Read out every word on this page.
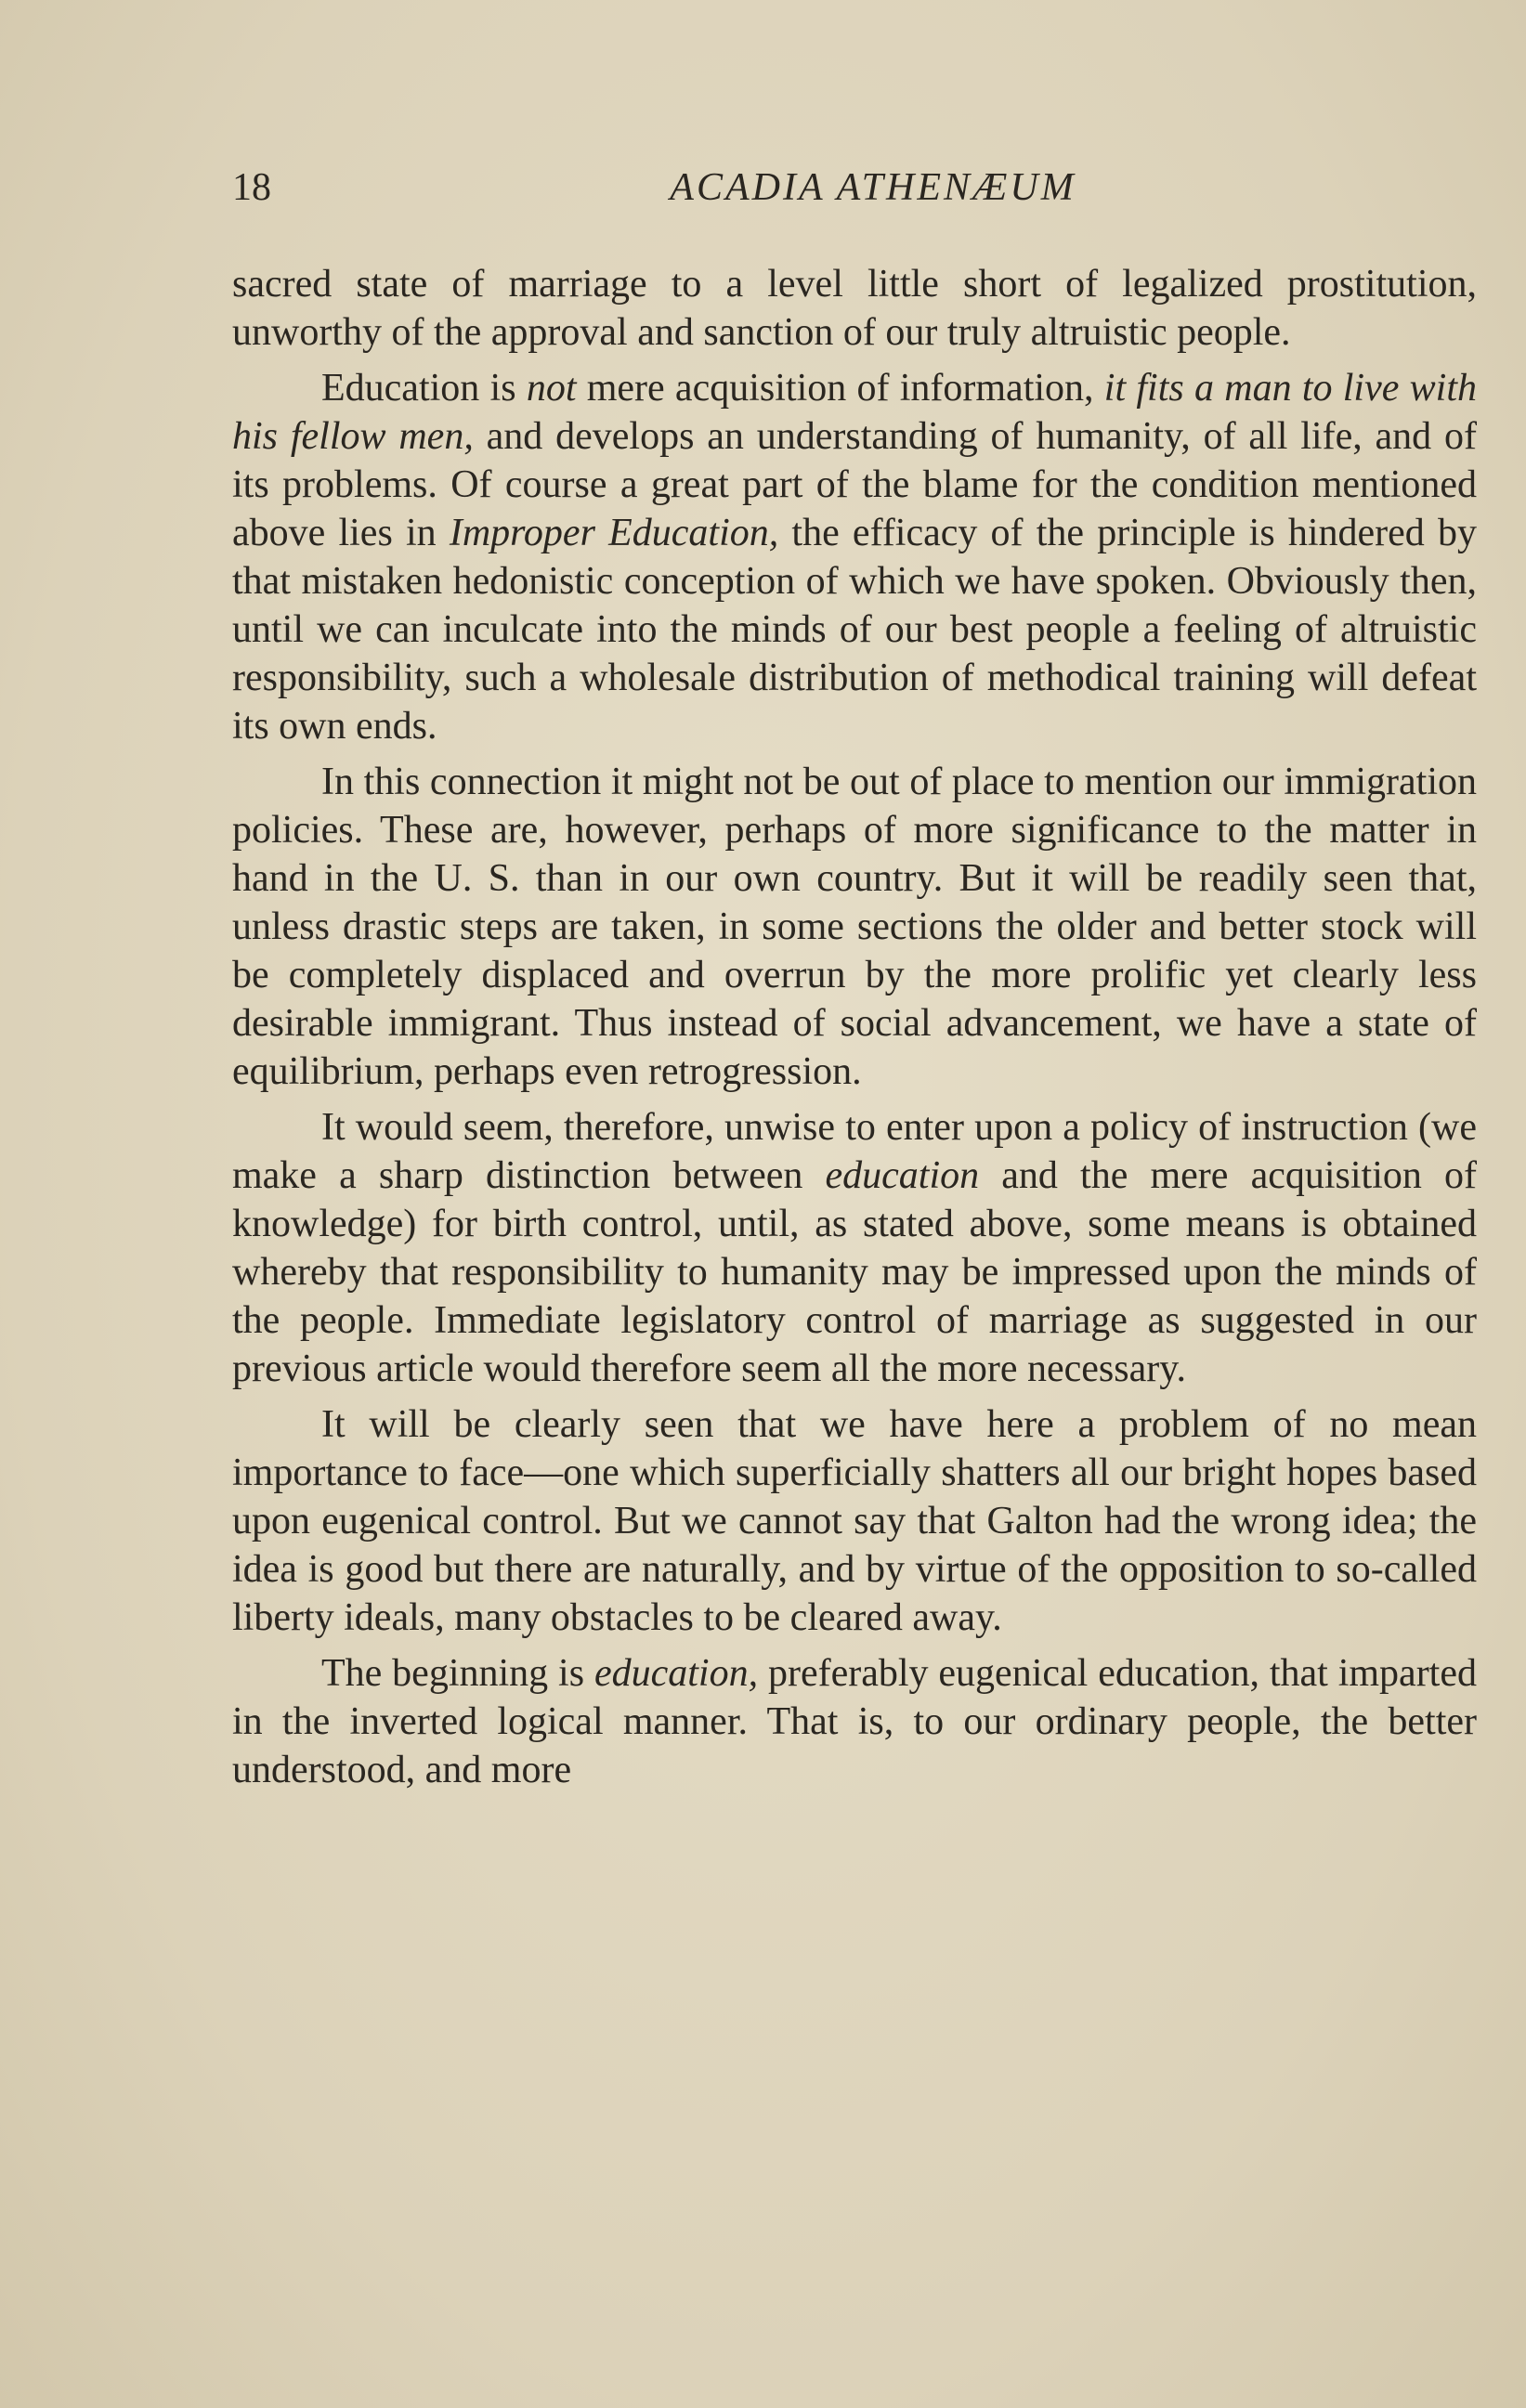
18	ACADIA ATHENÆUM

sacred state of marriage to a level little short of legalized prostitution, unworthy of the approval and sanction of our truly altruistic people.

Education is not mere acquisition of information, it fits a man to live with his fellow men, and develops an understanding of humanity, of all life, and of its problems. Of course a great part of the blame for the condition mentioned above lies in Improper Education, the efficacy of the principle is hindered by that mistaken hedonistic conception of which we have spoken. Obviously then, until we can inculcate into the minds of our best people a feeling of altruistic responsibility, such a wholesale distribution of methodical training will defeat its own ends.

In this connection it might not be out of place to mention our immigration policies. These are, however, perhaps of more significance to the matter in hand in the U. S. than in our own country. But it will be readily seen that, unless drastic steps are taken, in some sections the older and better stock will be completely displaced and overrun by the more prolific yet clearly less desirable immigrant. Thus instead of social advancement, we have a state of equilibrium, perhaps even retrogression.

It would seem, therefore, unwise to enter upon a policy of instruction (we make a sharp distinction between education and the mere acquisition of knowledge) for birth control, until, as stated above, some means is obtained whereby that responsibility to humanity may be impressed upon the minds of the people. Immediate legislatory control of marriage as suggested in our previous article would therefore seem all the more necessary.

It will be clearly seen that we have here a problem of no mean importance to face—one which superficially shatters all our bright hopes based upon eugenical control. But we cannot say that Galton had the wrong idea; the idea is good but there are naturally, and by virtue of the opposition to so-called liberty ideals, many obstacles to be cleared away.

The beginning is education, preferably eugenical education, that imparted in the inverted logical manner. That is, to our ordinary people, the better understood, and more
